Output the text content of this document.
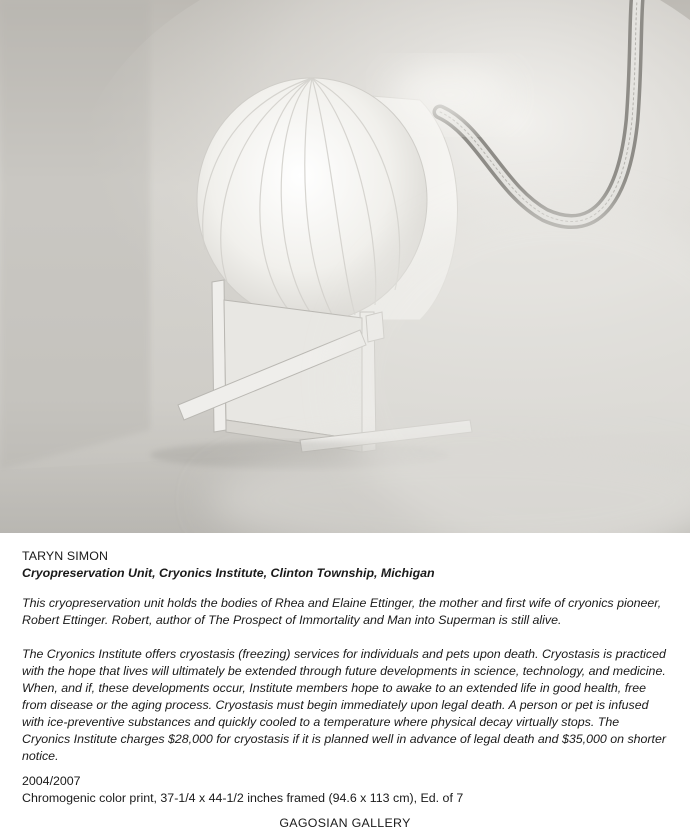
TARYN SIMON

Cryopreservation Unit, Cryonics Institute, Clinton Township, Michigan

This cryopreservation unit holds the bodies of Rhea and Elaine Ettinger, the mother and first wife of cryonics pioneer, Robert Ettinger. Robert, author of The Prospect of Immortality and Man into Superman is still alive.

The Cryonics Institute offers cryostasis (freezing) services for individuals and pets upon death. Cryostasis is practiced with the hope that lives will ultimately be extended through future developments in science, technology, and medicine. When, and if, these developments occur, Institute members hope to awake to an extended life in good health, free from disease or the aging process. Cryostasis must begin immediately upon legal death. A person or pet is infused with ice-preventive substances and quickly cooled to a temperature where physical decay virtually stops. The Cryonics Institute charges $28,000 for cryostasis if it is planned well in advance of legal death and $35,000 on shorter notice.

2004/2007

Chromogenic color print, 37-1/4 x 44-1/2 inches framed (94.6 x 113 cm), Ed. of 7

GAGOSIAN GALLERY
